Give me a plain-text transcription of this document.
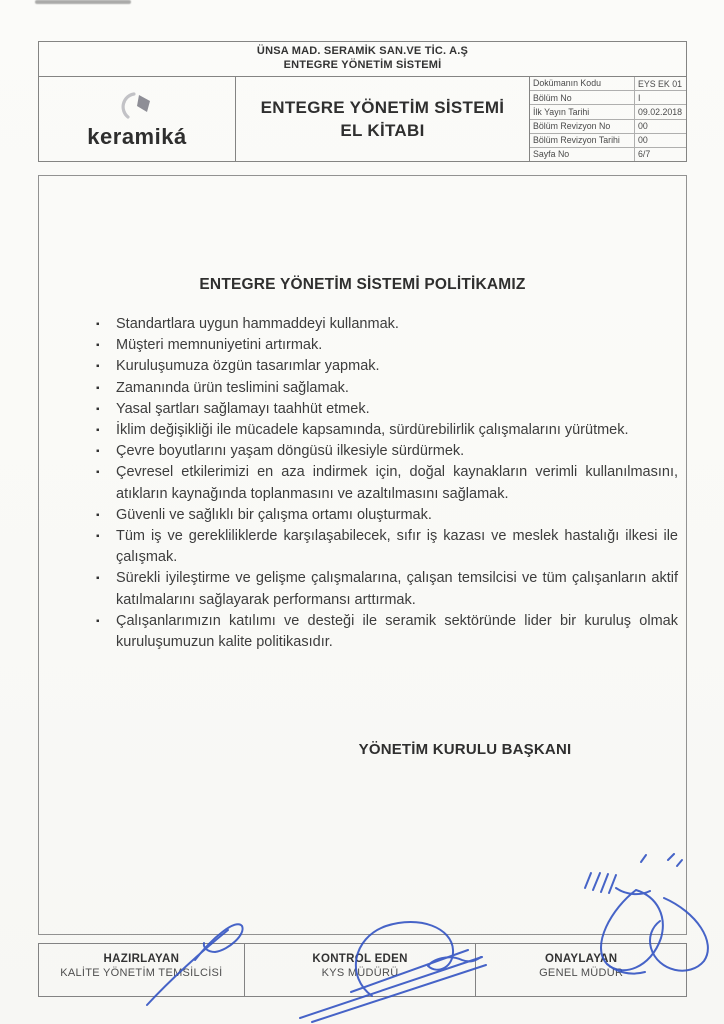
ÜNSA MAD. SERAMİK SAN.VE TİC. A.Ş
ENTEGRE YÖNETİM SİSTEMİ
keramiká
ENTEGRE YÖNETİM SİSTEMİ
EL KİTABI
Dokümanın Kodu	EYS EK 01
Bölüm No	I
İlk Yayın Tarihi	09.02.2018
Bölüm Revizyon No	00
Bölüm Revizyon Tarihi	00
Sayfa No	6/7
ENTEGRE YÖNETİM SİSTEMİ POLİTİKAMIZ
▪ Standartlara uygun hammaddeyi kullanmak.
▪ Müşteri memnuniyetini artırmak.
▪ Kuruluşumuza özgün tasarımlar yapmak.
▪ Zamanında ürün teslimini sağlamak.
▪ Yasal şartları sağlamayı taahhüt etmek.
▪ İklim değişikliği ile mücadele kapsamında, sürdürebilirlik çalışmalarını yürütmek.
▪ Çevre boyutlarını yaşam döngüsü ilkesiyle sürdürmek.
▪ Çevresel etkilerimizi en aza indirmek için, doğal kaynakların verimli kullanılmasını, atıkların kaynağında toplanmasını ve azaltılmasını sağlamak.
▪ Güvenli ve sağlıklı bir çalışma ortamı oluşturmak.
▪ Tüm iş ve gerekliliklerde karşılaşabilecek, sıfır iş kazası ve meslek hastalığı ilkesi ile çalışmak.
▪ Sürekli iyileştirme ve gelişme çalışmalarına, çalışan temsilcisi ve tüm çalışanların aktif katılmalarını sağlayarak performansı arttırmak.
▪ Çalışanlarımızın katılımı ve desteği ile seramik sektöründe lider bir kuruluş olmak kuruluşumuzun kalite politikasıdır.
YÖNETİM KURULU BAŞKANI
HAZIRLAYAN
KALİTE YÖNETİM TEMSİLCİSİ
KONTROL EDEN
KYS MÜDÜRÜ
ONAYLAYAN
GENEL MÜDÜR
